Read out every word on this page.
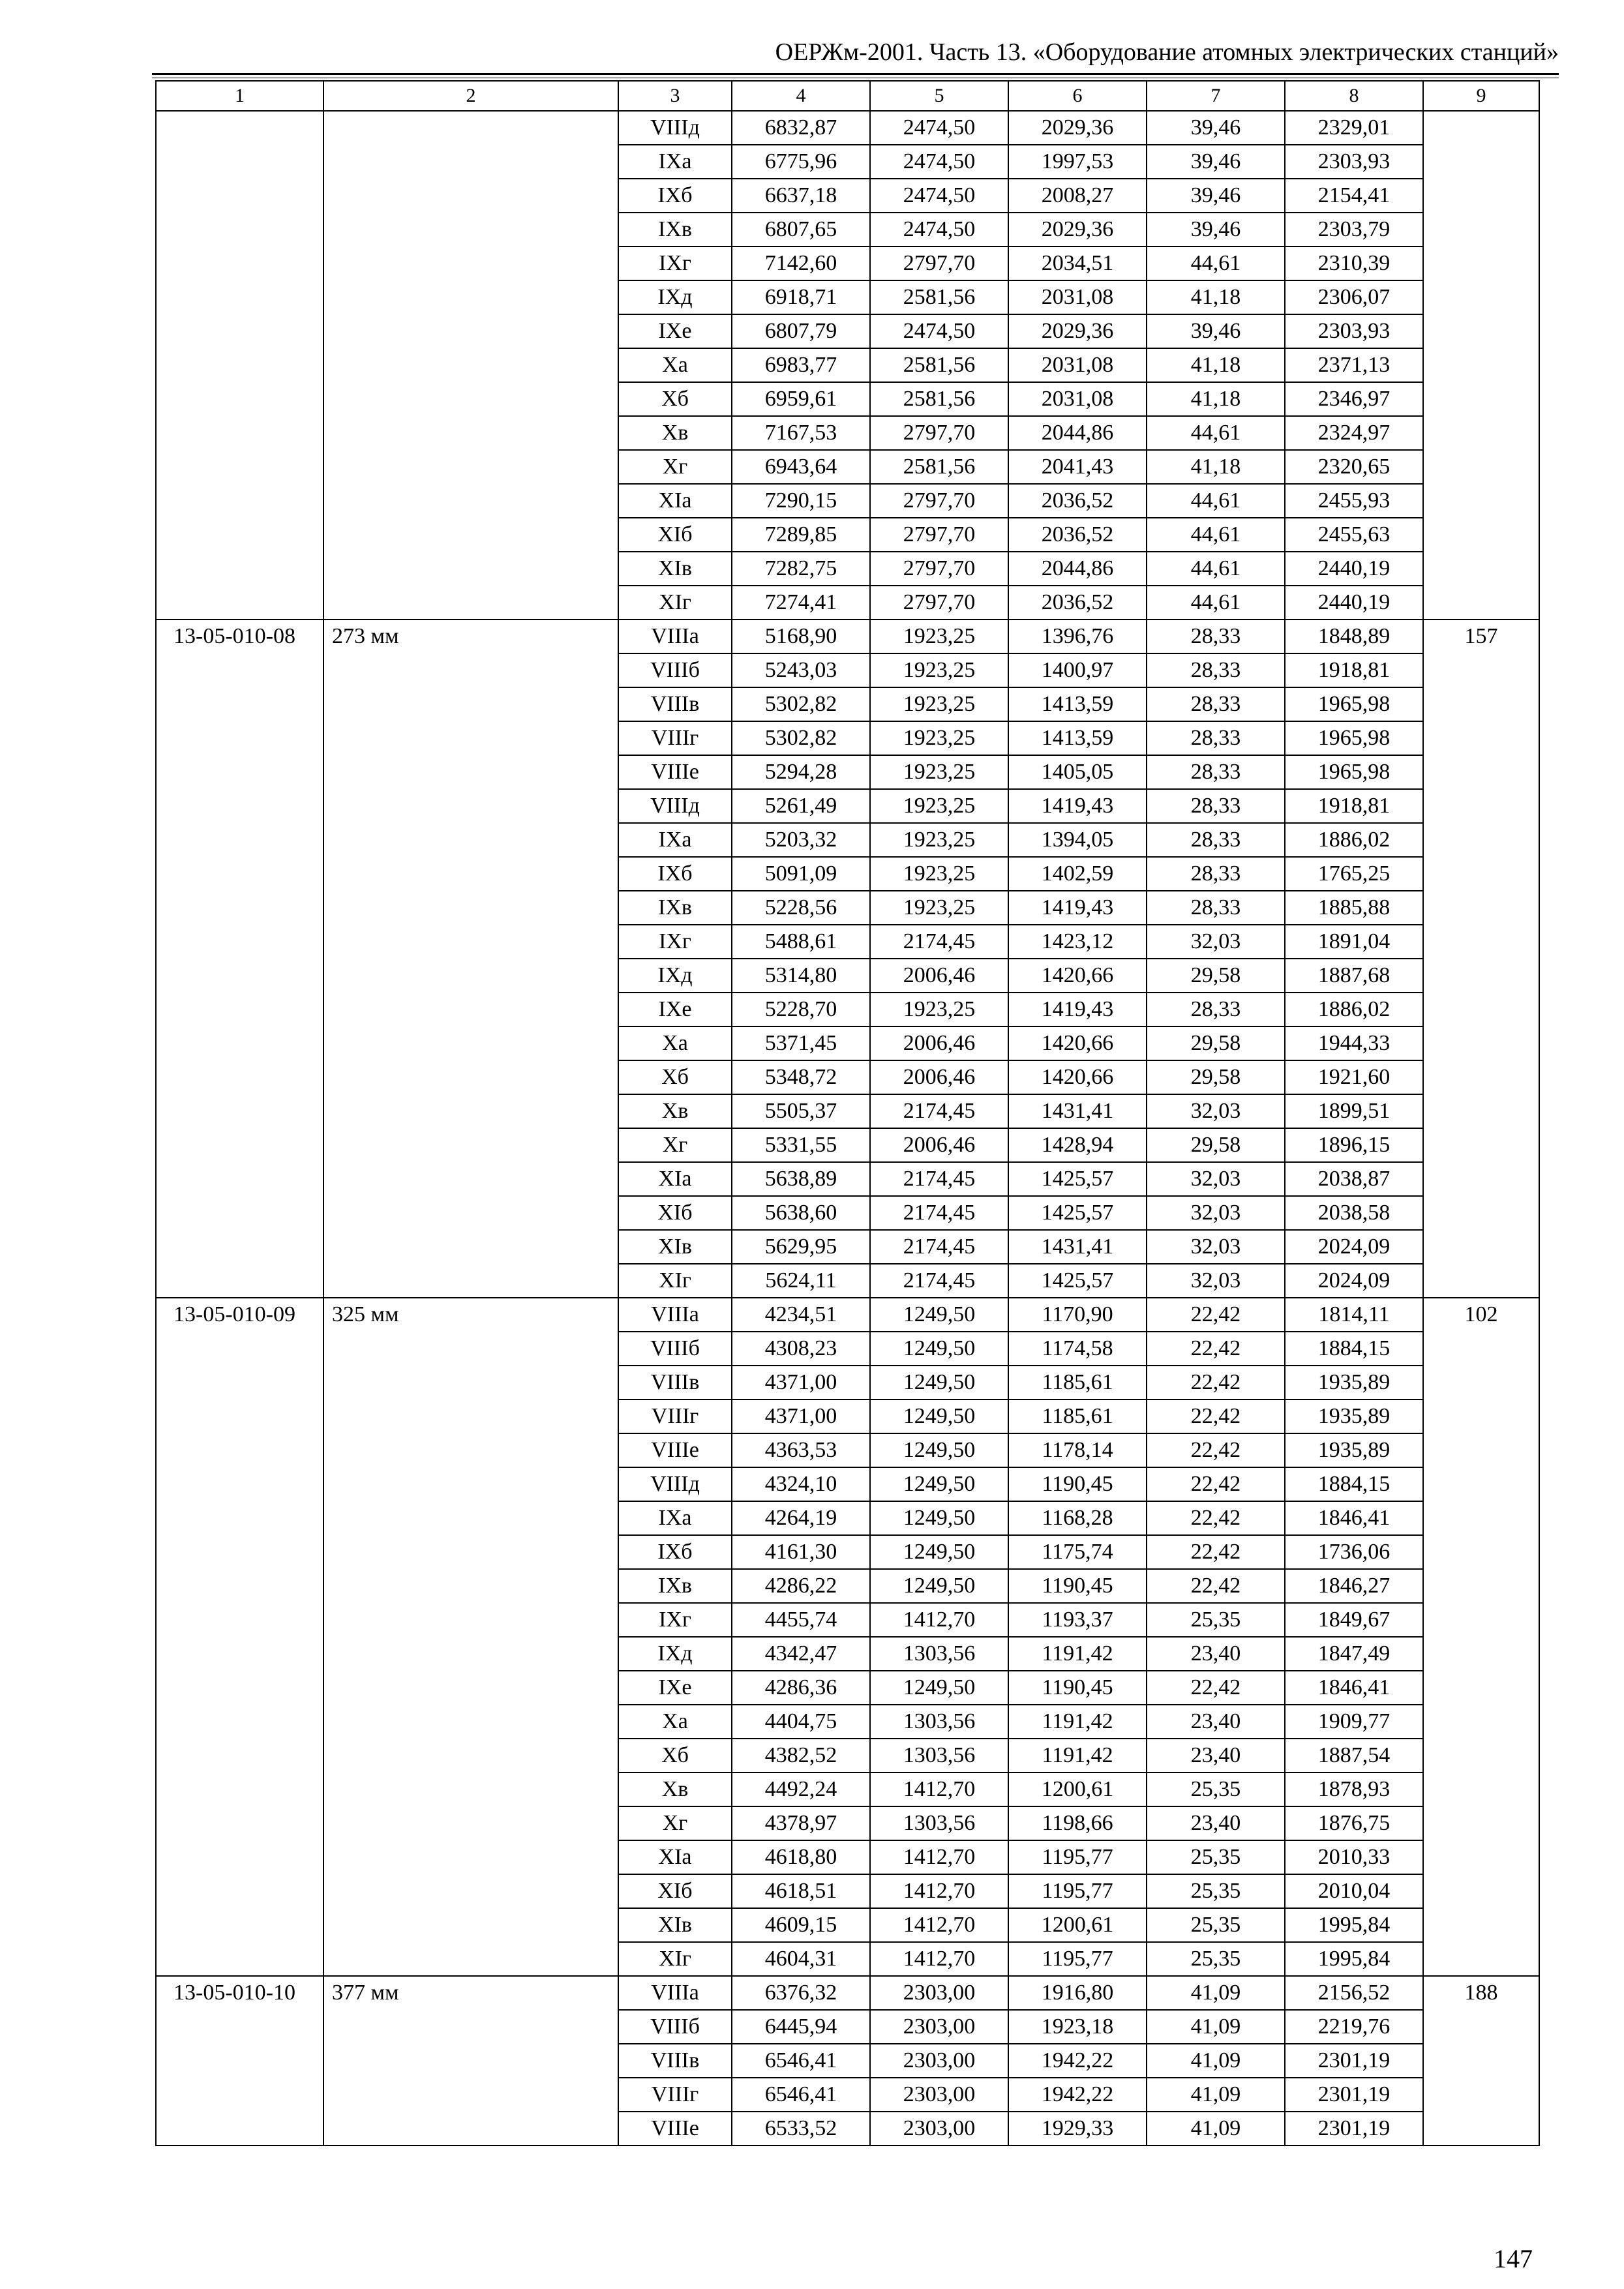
ОЕРЖм-2001. Часть 13. «Оборудование атомных электрических станций»
1	2	3	4	5	6	7	8	9
		VIIIд	6832,87	2474,50	2029,36	39,46	2329,01	
		IXа	6775,96	2474,50	1997,53	39,46	2303,93	
		IXб	6637,18	2474,50	2008,27	39,46	2154,41	
		IXв	6807,65	2474,50	2029,36	39,46	2303,79	
		IXг	7142,60	2797,70	2034,51	44,61	2310,39	
		IXд	6918,71	2581,56	2031,08	41,18	2306,07	
		IXе	6807,79	2474,50	2029,36	39,46	2303,93	
		Xа	6983,77	2581,56	2031,08	41,18	2371,13	
		Xб	6959,61	2581,56	2031,08	41,18	2346,97	
		Xв	7167,53	2797,70	2044,86	44,61	2324,97	
		Xг	6943,64	2581,56	2041,43	41,18	2320,65	
		XIа	7290,15	2797,70	2036,52	44,61	2455,93	
		XIб	7289,85	2797,70	2036,52	44,61	2455,63	
		XIв	7282,75	2797,70	2044,86	44,61	2440,19	
		XIг	7274,41	2797,70	2036,52	44,61	2440,19	
13-05-010-08	273 мм	VIIIа	5168,90	1923,25	1396,76	28,33	1848,89	157
		VIIIб	5243,03	1923,25	1400,97	28,33	1918,81	
		VIIIв	5302,82	1923,25	1413,59	28,33	1965,98	
		VIIIг	5302,82	1923,25	1413,59	28,33	1965,98	
		VIIIе	5294,28	1923,25	1405,05	28,33	1965,98	
		VIIIд	5261,49	1923,25	1419,43	28,33	1918,81	
		IXа	5203,32	1923,25	1394,05	28,33	1886,02	
		IXб	5091,09	1923,25	1402,59	28,33	1765,25	
		IXв	5228,56	1923,25	1419,43	28,33	1885,88	
		IXг	5488,61	2174,45	1423,12	32,03	1891,04	
		IXд	5314,80	2006,46	1420,66	29,58	1887,68	
		IXе	5228,70	1923,25	1419,43	28,33	1886,02	
		Xа	5371,45	2006,46	1420,66	29,58	1944,33	
		Xб	5348,72	2006,46	1420,66	29,58	1921,60	
		Xв	5505,37	2174,45	1431,41	32,03	1899,51	
		Xг	5331,55	2006,46	1428,94	29,58	1896,15	
		XIа	5638,89	2174,45	1425,57	32,03	2038,87	
		XIб	5638,60	2174,45	1425,57	32,03	2038,58	
		XIв	5629,95	2174,45	1431,41	32,03	2024,09	
		XIг	5624,11	2174,45	1425,57	32,03	2024,09	
13-05-010-09	325 мм	VIIIа	4234,51	1249,50	1170,90	22,42	1814,11	102
		VIIIб	4308,23	1249,50	1174,58	22,42	1884,15	
		VIIIв	4371,00	1249,50	1185,61	22,42	1935,89	
		VIIIг	4371,00	1249,50	1185,61	22,42	1935,89	
		VIIIе	4363,53	1249,50	1178,14	22,42	1935,89	
		VIIIд	4324,10	1249,50	1190,45	22,42	1884,15	
		IXа	4264,19	1249,50	1168,28	22,42	1846,41	
		IXб	4161,30	1249,50	1175,74	22,42	1736,06	
		IXв	4286,22	1249,50	1190,45	22,42	1846,27	
		IXг	4455,74	1412,70	1193,37	25,35	1849,67	
		IXд	4342,47	1303,56	1191,42	23,40	1847,49	
		IXе	4286,36	1249,50	1190,45	22,42	1846,41	
		Xа	4404,75	1303,56	1191,42	23,40	1909,77	
		Xб	4382,52	1303,56	1191,42	23,40	1887,54	
		Xв	4492,24	1412,70	1200,61	25,35	1878,93	
		Xг	4378,97	1303,56	1198,66	23,40	1876,75	
		XIа	4618,80	1412,70	1195,77	25,35	2010,33	
		XIб	4618,51	1412,70	1195,77	25,35	2010,04	
		XIв	4609,15	1412,70	1200,61	25,35	1995,84	
		XIг	4604,31	1412,70	1195,77	25,35	1995,84	
13-05-010-10	377 мм	VIIIа	6376,32	2303,00	1916,80	41,09	2156,52	188
		VIIIб	6445,94	2303,00	1923,18	41,09	2219,76	
		VIIIв	6546,41	2303,00	1942,22	41,09	2301,19	
		VIIIг	6546,41	2303,00	1942,22	41,09	2301,19	
		VIIIе	6533,52	2303,00	1929,33	41,09	2301,19	
147
